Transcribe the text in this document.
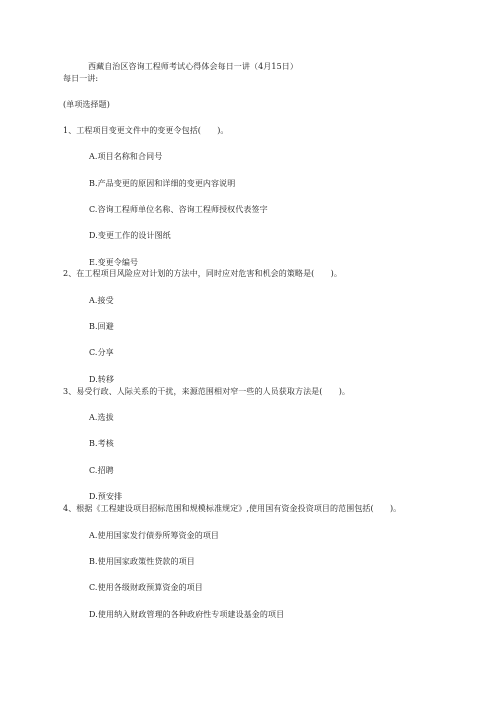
西藏自治区咨询工程师考试心得体会每日一讲（4月15日）
每日一讲:
(单项选择题)
1、工程项目变更文件中的变更令包括(　　)。
A.项目名称和合同号
B.产品变更的原因和详细的变更内容说明
C.咨询工程师单位名称、咨询工程师授权代表签字
D.变更工作的设计图纸
E.变更令编号
2、在工程项目风险应对计划的方法中，同时应对危害和机会的策略是(　　)。
A.接受
B.回避
C.分享
D.转移
3、易受行政、人际关系的干扰，来源范围相对窄一些的人员获取方法是(　　)。
A.选拔
B.考核
C.招聘
D.预安排
4、根据《工程建设项目招标范围和规模标准规定》,使用国有资金投资项目的范围包括(　　)。
A.使用国家发行债券所筹资金的项目
B.使用国家政策性贷款的项目
C.使用各级财政预算资金的项目
D.使用纳入财政管理的各种政府性专项建设基金的项目
